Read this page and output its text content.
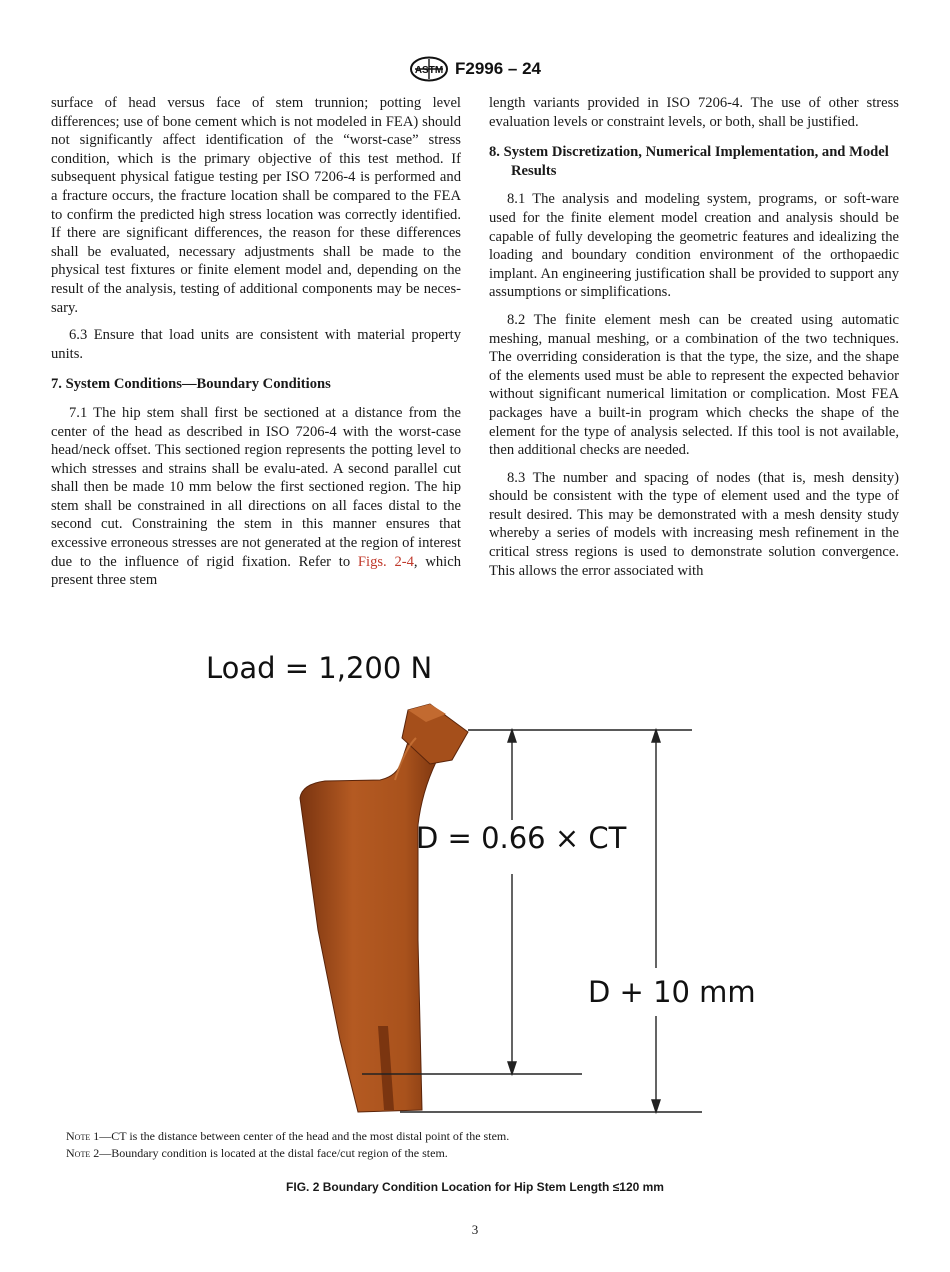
ASTM F2996 – 24

surface of head versus face of stem trunnion; potting level differences; use of bone cement which is not modeled in FEA) should not significantly affect identification of the “worst-case” stress condition, which is the primary objective of this test method. If subsequent physical fatigue testing per ISO 7206-4 is performed and a fracture occurs, the fracture location shall be compared to the FEA to confirm the predicted high stress location was correctly identified. If there are significant differences, the reason for these differences shall be evaluated, necessary adjustments shall be made to the physical test fixtures or finite element model and, depending on the result of the analysis, testing of additional components may be neces-sary.

6.3 Ensure that load units are consistent with material property units.

7. System Conditions—Boundary Conditions

7.1 The hip stem shall first be sectioned at a distance from the center of the head as described in ISO 7206-4 with the worst-case head/neck offset. This sectioned region represents the potting level to which stresses and strains shall be evalu-ated. A second parallel cut shall then be made 10 mm below the first sectioned region. The hip stem shall be constrained in all directions on all faces distal to the second cut. Constraining the stem in this manner ensures that excessive erroneous stresses are not generated at the region of interest due to the influence of rigid fixation. Refer to Figs. 2-4, which present three stem

length variants provided in ISO 7206-4. The use of other stress evaluation levels or constraint levels, or both, shall be justified.

8. System Discretization, Numerical Implementation, and Model Results

8.1 The analysis and modeling system, programs, or soft-ware used for the finite element model creation and analysis should be capable of fully developing the geometric features and idealizing the loading and boundary condition environment of the orthopaedic implant. An engineering justification shall be provided to support any assumptions or simplifications.

8.2 The finite element mesh can be created using automatic meshing, manual meshing, or a combination of the two techniques. The overriding consideration is that the type, the size, and the shape of the elements used must be able to represent the expected behavior without significant numerical limitation or complication. Most FEA packages have a built-in program which checks the shape of the element for the type of analysis selected. If this tool is not available, then additional checks are needed.

8.3 The number and spacing of nodes (that is, mesh density) should be consistent with the type of element used and the type of result desired. This may be demonstrated with a mesh density study whereby a series of models with increasing mesh refinement in the critical stress regions is used to demonstrate solution convergence. This allows the error associated with

Load = 1,200 N
D = 0.66 × CT
D + 10 mm
Note 1—CT is the distance between center of the head and the most distal point of the stem.
Note 2—Boundary condition is located at the distal face/cut region of the stem.
FIG. 2 Boundary Condition Location for Hip Stem Length ≤120 mm
3
